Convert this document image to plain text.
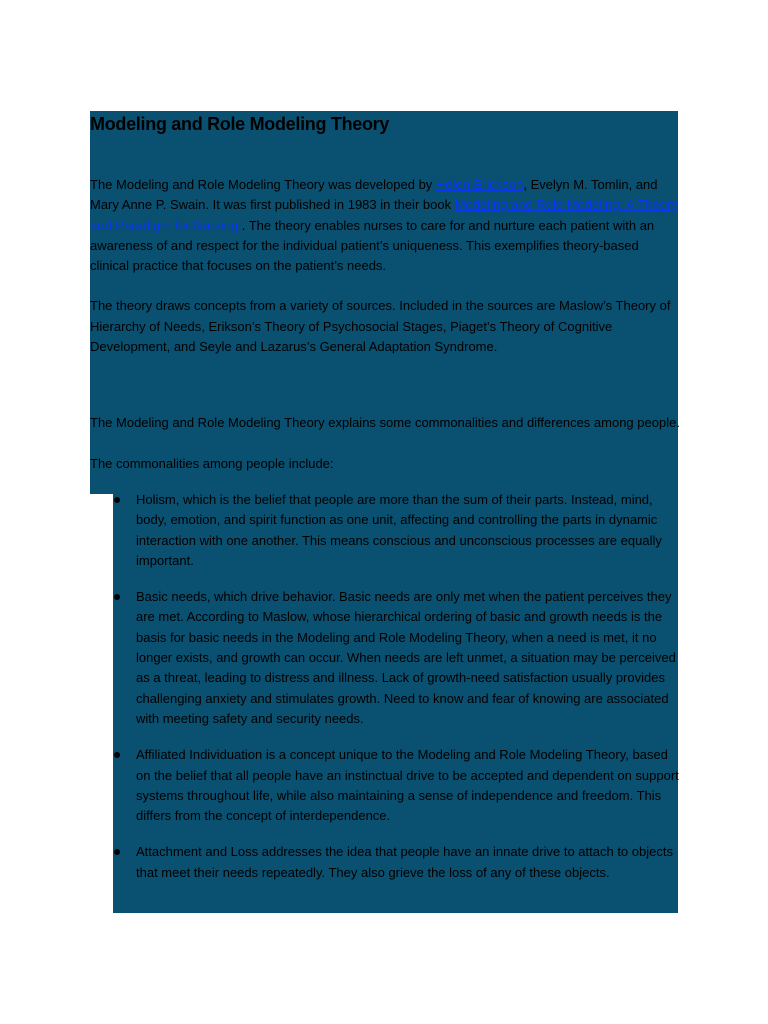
Modeling and Role Modeling Theory

The Modeling and Role Modeling Theory was developed by Helen Erickson, Evelyn M. Tomlin, and Mary Anne P. Swain. It was first published in 1983 in their book Modeling and Role Modeling: A Theory and Paradigm for Nursing . The theory enables nurses to care for and nurture each patient with an awareness of and respect for the individual patient’s uniqueness. This exemplifies theory-based clinical practice that focuses on the patient’s needs.

The theory draws concepts from a variety of sources. Included in the sources are Maslow’s Theory of Hierarchy of Needs, Erikson’s Theory of Psychosocial Stages, Piaget’s Theory of Cognitive Development, and Seyle and Lazarus’s General Adaptation Syndrome.

The Modeling and Role Modeling Theory explains some commonalities and differences among people.

The commonalities among people include:

Holism, which is the belief that people are more than the sum of their parts. Instead, mind, body, emotion, and spirit function as one unit, affecting and controlling the parts in dynamic interaction with one another. This means conscious and unconscious processes are equally important.
Basic needs, which drive behavior. Basic needs are only met when the patient perceives they are met. According to Maslow, whose hierarchical ordering of basic and growth needs is the basis for basic needs in the Modeling and Role Modeling Theory, when a need is met, it no longer exists, and growth can occur. When needs are left unmet, a situation may be perceived as a threat, leading to distress and illness. Lack of growth-need satisfaction usually provides challenging anxiety and stimulates growth. Need to know and fear of knowing are associated with meeting safety and security needs.
Affiliated Individuation is a concept unique to the Modeling and Role Modeling Theory, based on the belief that all people have an instinctual drive to be accepted and dependent on support systems throughout life, while also maintaining a sense of independence and freedom. This differs from the concept of interdependence.
Attachment and Loss addresses the idea that people have an innate drive to attach to objects that meet their needs repeatedly. They also grieve the loss of any of these objects.
